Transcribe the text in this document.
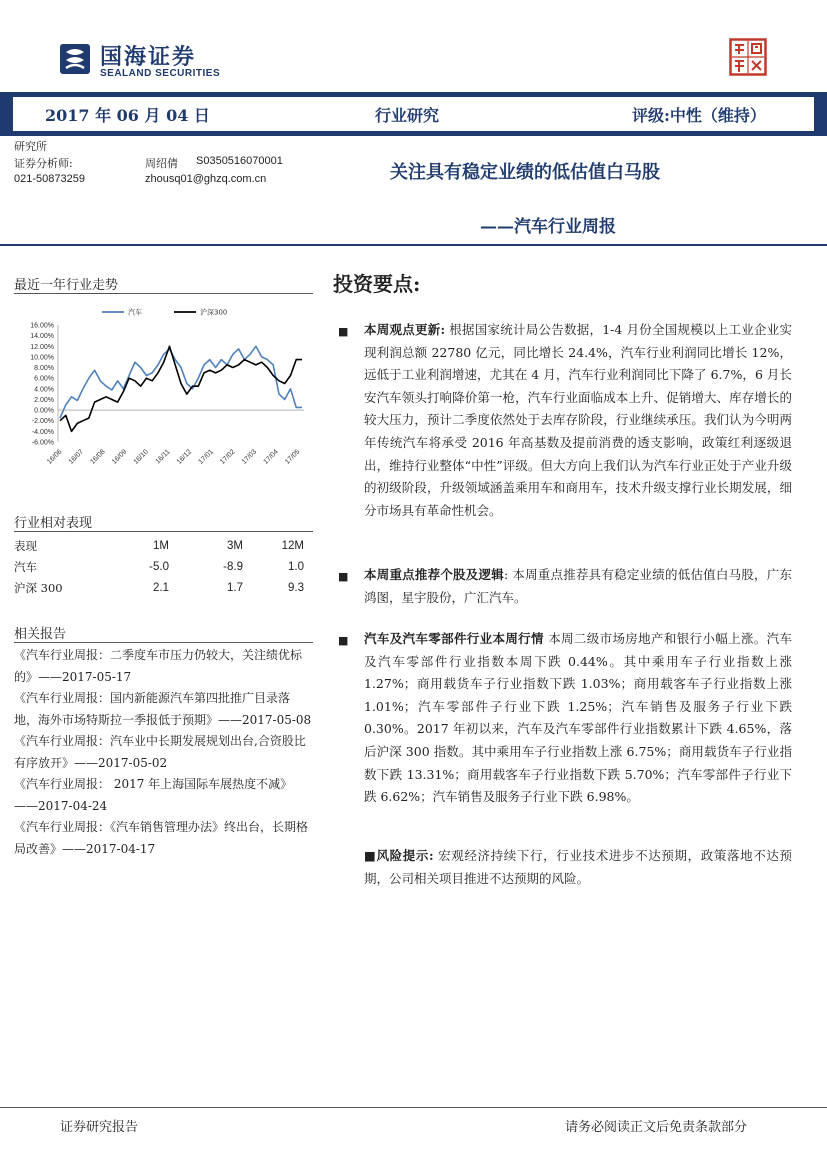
国海证券
SEALAND SECURITIES
2017 年 06 月 04 日	行业研究	评级:中性（维持）
研究所
证券分析师:
021-50873259
周绍倩 S0350516070001
zhousq01@ghzq.com.cn	关注具有稳定业绩的低估值白马股
——汽车行业周报
最近一年行业走势
汽车	沪深300
16.00%
14.00%
12.00%
10.00%
8.00%
6.00%
4.00%
2.00%
0.00%
-2.00%
-4.00%
-6.00%
16/06 16/07 16/08 16/09 16/10 16/11 16/12 17/01 17/02 17/03 17/04 17/05
行业相对表现
表现	1M	3M	12M
汽车	-5.0	-8.9	1.0
沪深 300	2.1	1.7	9.3
相关报告
《汽车行业周报：二季度车市压力仍较大，关注绩优标的》——2017-05-17
《汽车行业周报：国内新能源汽车第四批推广目录落地，海外市场特斯拉一季报低于预期》——2017-05-08
《汽车行业周报：汽车业中长期发展规划出台,合资股比有序放开》——2017-05-02
《汽车行业周报： 2017 年上海国际车展热度不减》——2017-04-24
《汽车行业周报：《汽车销售管理办法》终出台，长期格局改善》——2017-04-17
投资要点:
■ 本周观点更新: 根据国家统计局公告数据，1-4 月份全国规模以上工业企业实现利润总额 22780 亿元，同比增长 24.4%，汽车行业利润同比增长 12%，远低于工业利润增速，尤其在 4 月，汽车行业利润同比下降了 6.7%，6 月长安汽车领头打响降价第一枪，汽车行业面临成本上升、促销增大、库存增长的较大压力，预计二季度依然处于去库存阶段，行业继续承压。我们认为今明两年传统汽车将承受 2016 年高基数及提前消费的透支影响，政策红利逐级退出，维持行业整体“中性”评级。但大方向上我们认为汽车行业正处于产业升级的初级阶段，升级领域涵盖乘用车和商用车，技术升级支撑行业长期发展，细分市场具有革命性机会。
■ 本周重点推荐个股及逻辑: 本周重点推荐具有稳定业绩的低估值白马股，广东鸿图，星宇股份，广汇汽车。
■ 汽车及汽车零部件行业本周行情 本周二级市场房地产和银行小幅上涨。汽车及汽车零部件行业指数本周下跌 0.44%。其中乘用车子行业指数上涨 1.27%；商用载货车子行业指数下跌 1.03%；商用载客车子行业指数上涨 1.01%；汽车零部件子行业下跌 1.25%；汽车销售及服务子行业下跌 0.30%。2017 年初以来，汽车及汽车零部件行业指数累计下跌 4.65%，落后沪深 300 指数。其中乘用车子行业指数上涨 6.75%；商用载货车子行业指数下跌 13.31%；商用载客车子行业指数下跌 5.70%；汽车零部件子行业下跌 6.62%；汽车销售及服务子行业下跌 6.98%。
■风险提示: 宏观经济持续下行，行业技术进步不达预期，政策落地不达预期，公司相关项目推进不达预期的风险。
证券研究报告	请务必阅读正文后免责条款部分
